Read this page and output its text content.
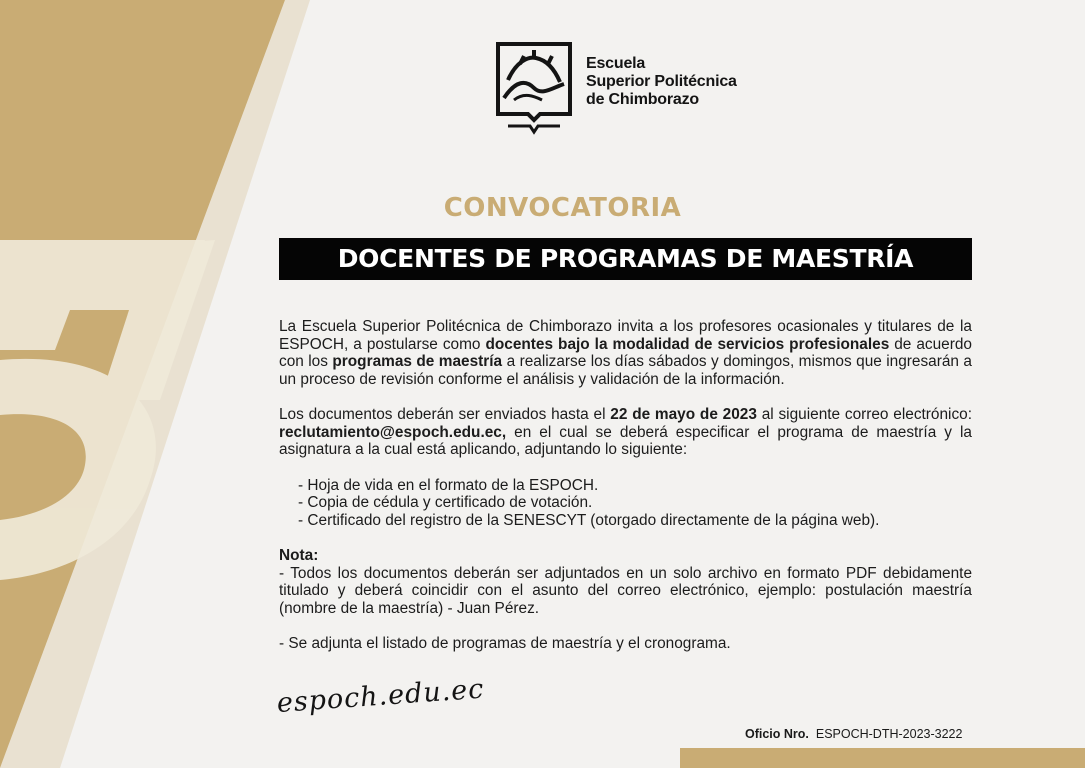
Escuela
Superior Politécnica
de Chimborazo
CONVOCATORIA
DOCENTES DE PROGRAMAS DE MAESTRÍA

La Escuela Superior Politécnica de Chimborazo invita a los profesores ocasionales y titulares de la ESPOCH, a postularse como docentes bajo la modalidad de servicios profesionales de acuerdo con los programas de maestría a realizarse los días sábados y domingos, mismos que ingresarán a un proceso de revisión conforme el análisis y validación de la información.

Los documentos deberán ser enviados hasta el 22 de mayo de 2023 al siguiente correo electrónico: reclutamiento@espoch.edu.ec, en el cual se deberá especificar el programa de maestría y la asignatura a la cual está aplicando, adjuntando lo siguiente:

- Hoja de vida en el formato de la ESPOCH.
- Copia de cédula y certificado de votación.
- Certificado del registro de la SENESCYT (otorgado directamente de la página web).

Nota:

- Todos los documentos deberán ser adjuntados en un solo archivo en formato PDF debidamente titulado y deberá coincidir con el asunto del correo electrónico, ejemplo: postulación maestría (nombre de la maestría) - Juan Pérez.

- Se adjunta el listado de programas de maestría y el cronograma.

espoch.edu.ec
Oficio Nro. ESPOCH-DTH-2023-3222
